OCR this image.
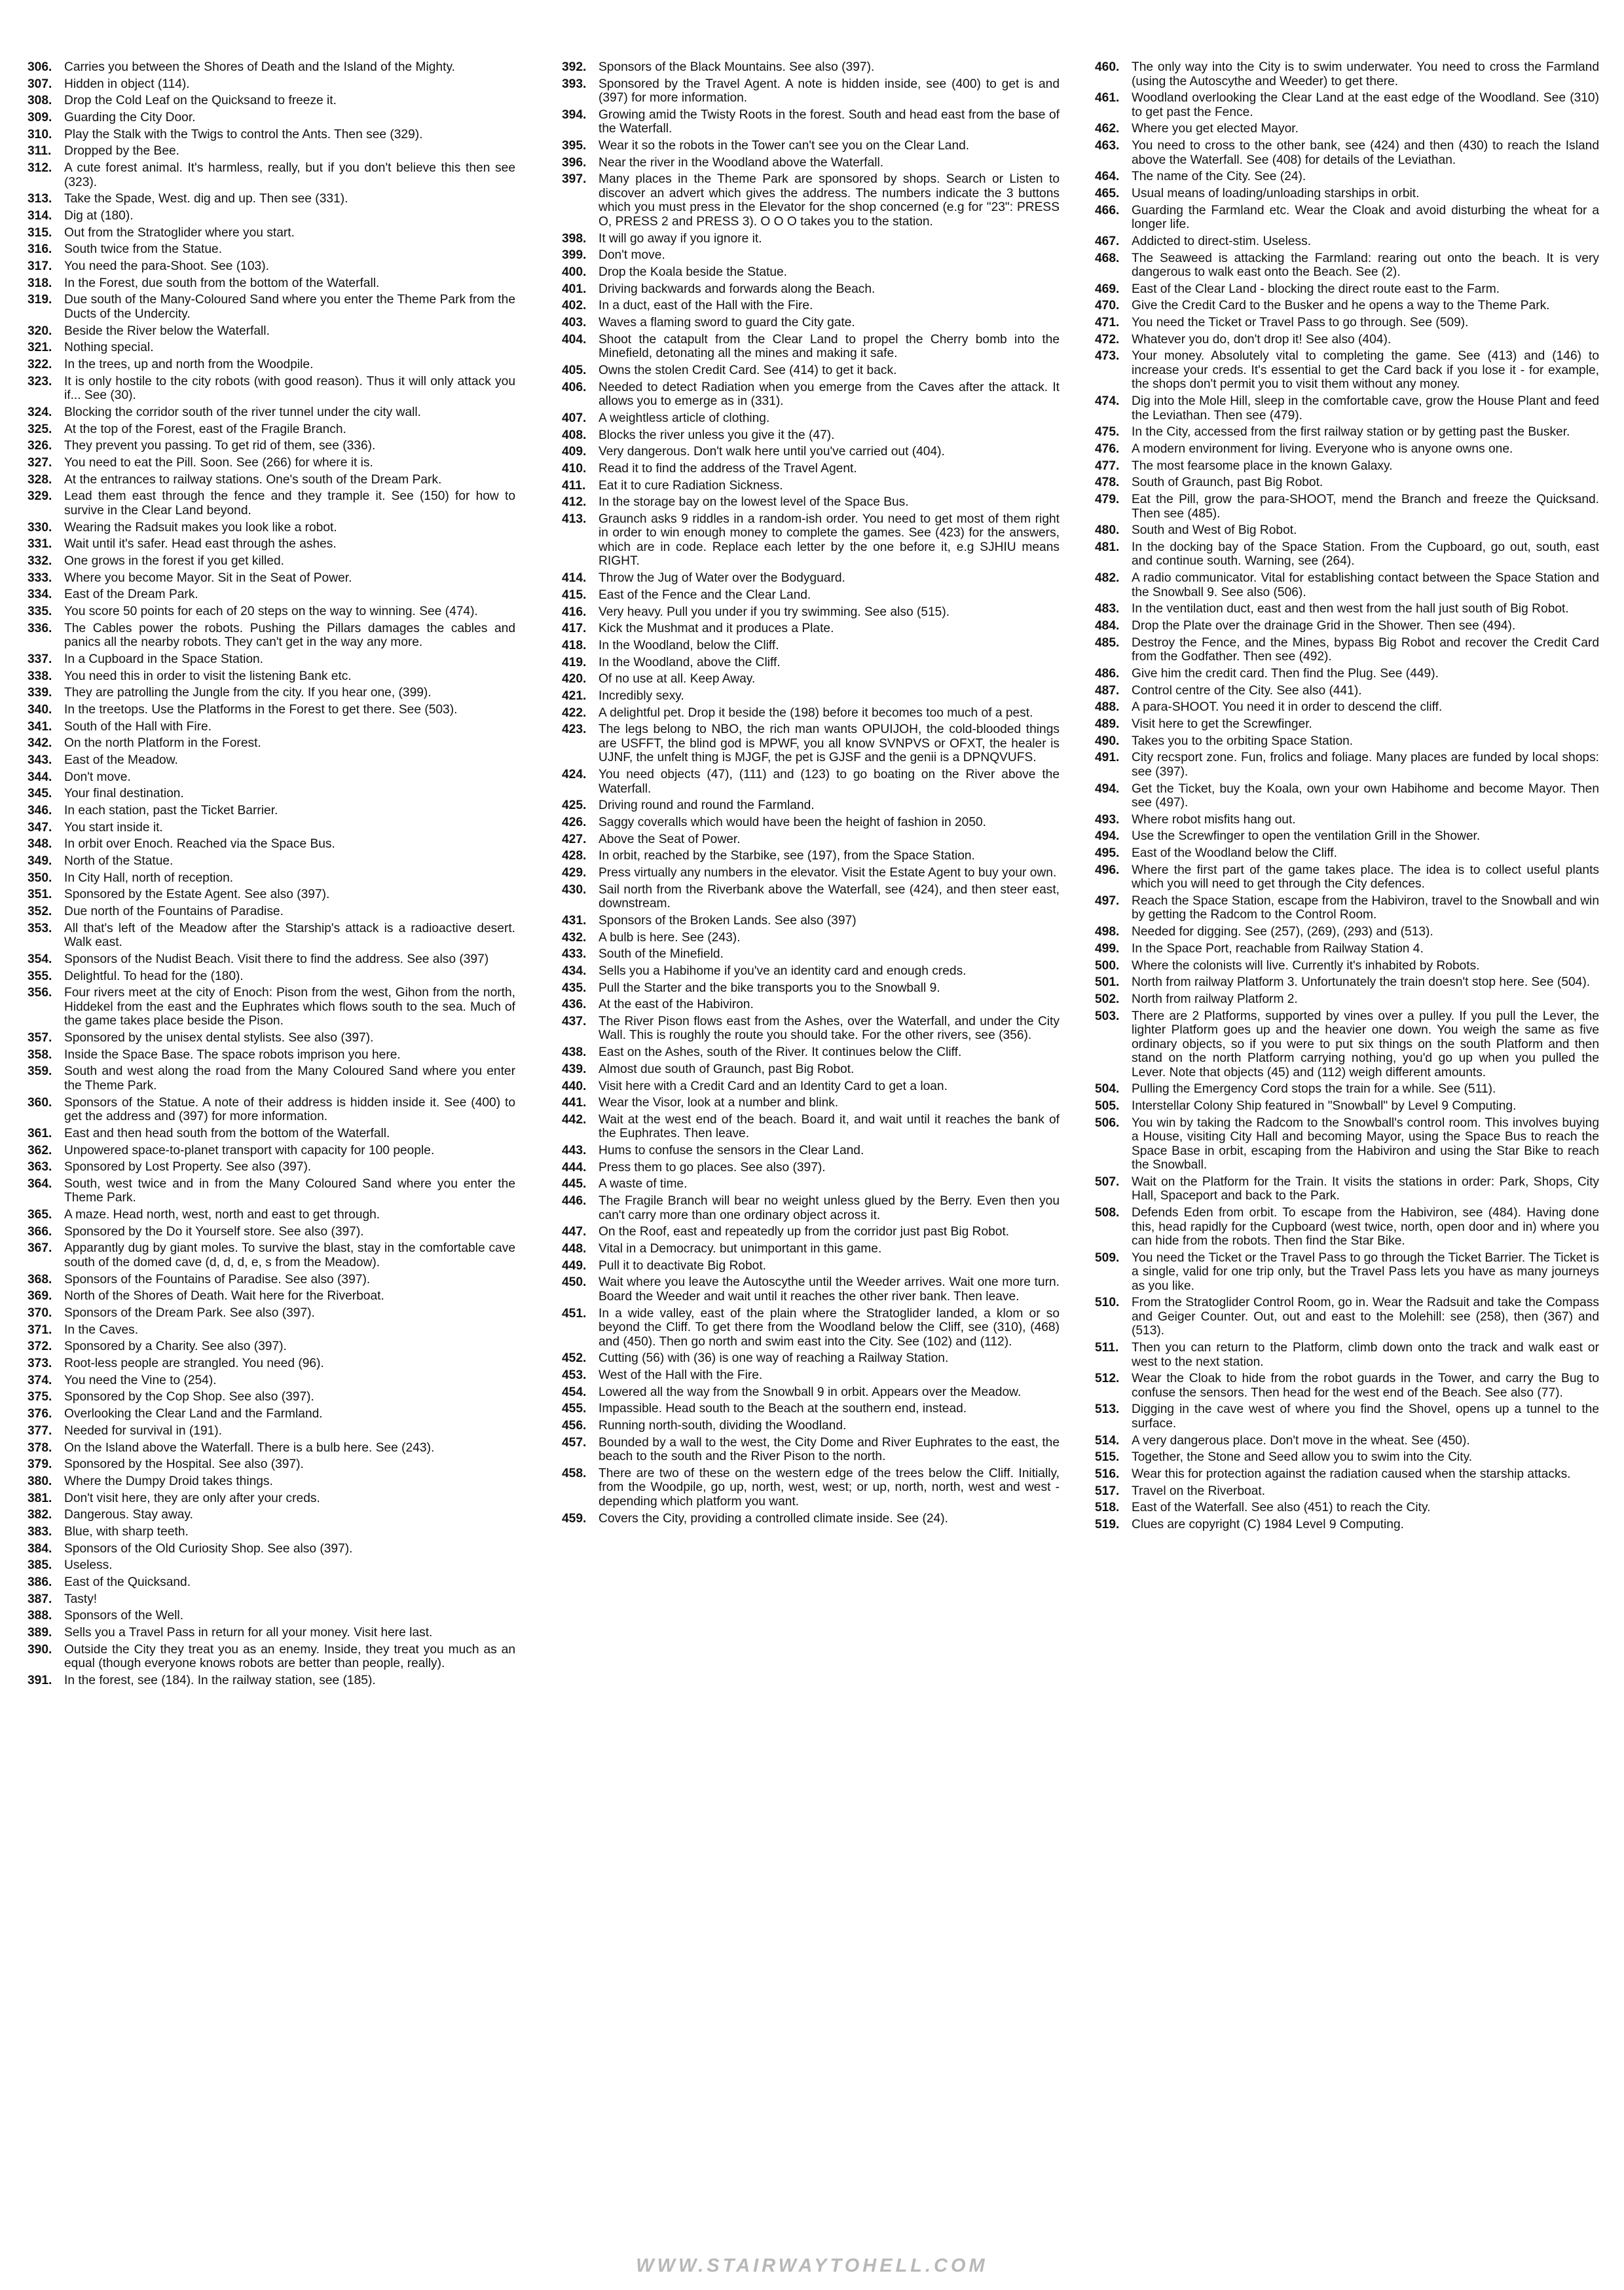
306. Carries you between the Shores of Death and the Island of the Mighty.
307. Hidden in object (114).
308. Drop the Cold Leaf on the Quicksand to freeze it.
309. Guarding the City Door.
310. Play the Stalk with the Twigs to control the Ants. Then see (329).
311.	Dropped by the Bee.
312. A cute forest animal. It's harmless, really, but if you don't believe this then see (323).
313. Take the Spade, West. dig and up. Then see (331).
314. Dig at (180).
315. Out from the Stratoglider where you start.
316. South twice from the Statue.
317. You need the para-Shoot. See (103).
318. In the Forest, due south from the bottom of the Waterfall.
319. Due south of the Many-Coloured Sand where you enter the Theme Park from the Ducts of the Undercity.
320. Beside the River below the Waterfall.
321. Nothing special.
322. In the trees, up and north from the Woodpile.
323. It is only hostile to the city robots (with good reason). Thus it will only attack you if... See (30).
324. Blocking the corridor south of the river tunnel under the city wall.
325. At the top of the Forest, east of the Fragile Branch.
326. They prevent you passing. To get rid of them, see (336).
327. You need to eat the Pill. Soon. See (266) for where it is.
328. At the entrances to railway stations. One's south of the Dream Park.
329. Lead them east through the fence and they trample it. See (150) for how to survive in the Clear Land beyond.
330. Wearing the Radsuit makes you look like a robot.
331. Wait until it's safer. Head east through the ashes.
332. One grows in the forest if you get killed.
333. Where you become Mayor. Sit in the Seat of Power.
334. East of the Dream Park.
335. You score 50 points for each of 20 steps on the way to winning. See (474).
336. The Cables power the robots. Pushing the Pillars damages the cables and panics all the nearby robots. They can't get in the way any more.
337. In a Cupboard in the Space Station.
338. You need this in order to visit the listening Bank etc.
339. They are patrolling the Jungle from the city. If you hear one, (399).
340. In the treetops. Use the Platforms in the Forest to get there. See (503).
341. South of the Hall with Fire.
342. On the north Platform in the Forest.
343. East of the Meadow.
344. Don't move.
345. Your final destination.
346. In each station, past the Ticket Barrier.
347. You start inside it.
348. In orbit over Enoch. Reached via the Space Bus.
349. North of the Statue.
350. In City Hall, north of reception.
351. Sponsored by the Estate Agent. See also (397).
352. Due north of the Fountains of Paradise.
353. All that's left of the Meadow after the Starship's attack is a radioactive desert. Walk east.
354. Sponsors of the Nudist Beach. Visit there to find the address. See also (397)
355. Delightful. To head for the (180).
356. Four rivers meet at the city of Enoch: Pison from the west, Gihon from the north, Hiddekel from the east and the Euphrates which flows south to the sea. Much of the game takes place beside the Pison.
357. Sponsored by the unisex dental stylists. See also (397).
358. Inside the Space Base. The space robots imprison you here.
359. South and west along the road from the Many Coloured Sand where you enter the Theme Park.
360. Sponsors of the Statue. A note of their address is hidden inside it. See (400) to get the address and (397) for more information.
361. East and then head south from the bottom of the Waterfall.
362. Unpowered space-to-planet transport with capacity for 100 people.
363. Sponsored by Lost Property. See also (397).
364. South, west twice and in from the Many Coloured Sand where you enter the Theme Park.
365. A maze. Head north, west, north and east to get through.
366. Sponsored by the Do it Yourself store. See also (397).
367. Apparantly dug by giant moles. To survive the blast, stay in the comfortable cave south of the domed cave (d, d, d, e, s from the Meadow).
368. Sponsors of the Fountains of Paradise. See also (397).
369. North of the Shores of Death. Wait here for the Riverboat.
370. Sponsors of the Dream Park. See also (397).
371. In the Caves.
372. Sponsored by a Charity. See also (397).
373. Root-less people are strangled. You need (96).
374. You need the Vine to (254).
375. Sponsored by the Cop Shop. See also (397).
376. Overlooking the Clear Land and the Farmland.
377. Needed for survival in (191).
378. On the Island above the Waterfall. There is a bulb here. See (243).
379. Sponsored by the Hospital. See also (397).
380. Where the Dumpy Droid takes things.
381. Don't visit here, they are only after your creds.
382. Dangerous. Stay away.
383. Blue, with sharp teeth.
384. Sponsors of the Old Curiosity Shop. See also (397).
385. Useless.
386. East of the Quicksand.
387. Tasty!
388. Sponsors of the Well.
389. Sells you a Travel Pass in return for all your money. Visit here last.
390. Outside the City they treat you as an enemy. Inside, they treat you much as an equal (though everyone knows robots are better than people, really).
391. In the forest, see (184). In the railway station, see (185).
392. Sponsors of the Black Mountains. See also (397).
393. Sponsored by the Travel Agent. A note is hidden inside, see (400) to get is and (397) for more information.
394. Growing amid the Twisty Roots in the forest. South and head east from the base of the Waterfall.
395. Wear it so the robots in the Tower can't see you on the Clear Land.
396. Near the river in the Woodland above the Waterfall.
397. Many places in the Theme Park are sponsored by shops. Search or Listen to discover an advert which gives the address. The numbers indicate the 3 buttons which you must press in the Elevator for the shop concerned (e.g for "23": PRESS O, PRESS 2 and PRESS 3). O O O takes you to the station.
398. It will go away if you ignore it.
399. Don't move.
400. Drop the Koala beside the Statue.
401. Driving backwards and forwards along the Beach.
402. In a duct, east of the Hall with the Fire.
403. Waves a flaming sword to guard the City gate.
404. Shoot the catapult from the Clear Land to propel the Cherry bomb into the Minefield, detonating all the mines and making it safe.
405. Owns the stolen Credit Card. See (414) to get it back.
406. Needed to detect Radiation when you emerge from the Caves after the attack. It allows you to emerge as in (331).
407. A weightless article of clothing.
408. Blocks the river unless you give it the (47).
409. Very dangerous. Don't walk here until you've carried out (404).
410. Read it to find the address of the Travel Agent.
411.	Eat it to cure Radiation Sickness.
412. In the storage bay on the lowest level of the Space Bus.
413. Graunch asks 9 riddles in a random-ish order. You need to get most of them right in order to win enough money to complete the games. See (423) for the answers, which are in code. Replace each letter by the one before it, e.g SJHIU means RIGHT.
414. Throw the Jug of Water over the Bodyguard.
415. East of the Fence and the Clear Land.
416. Very heavy. Pull you under if you try swimming. See also (515).
417. Kick the Mushmat and it produces a Plate.
418. In the Woodland, below the Cliff.
419. In the Woodland, above the Cliff.
420. Of no use at all. Keep Away.
421. Incredibly sexy.
422. A delightful pet. Drop it beside the (198) before it becomes too much of a pest.
423. The legs belong to NBO, the rich man wants OPUIJOH, the cold-blooded things are USFFT, the blind god is MPWF, you all know SVNPVS or OFXT, the healer is UJNF, the unfelt thing is MJGF, the pet is GJSF and the genii is a DPNQVUFS.
424. You need objects (47), (111) and (123) to go boating on the River above the Waterfall.
425. Driving round and round the Farmland.
426. Saggy coveralls which would have been the height of fashion in 2050.
427. Above the Seat of Power.
428. In orbit, reached by the Starbike, see (197), from the Space Station.
429. Press virtually any numbers in the elevator. Visit the Estate Agent to buy your own.
430. Sail north from the Riverbank above the Waterfall, see (424), and then steer east, downstream.
431. Sponsors of the Broken Lands. See also (397)
432. A bulb is here. See (243).
433. South of the Minefield.
434. Sells you a Habihome if you've an identity card and enough creds.
435. Pull the Starter and the bike transports you to the Snowball 9.
436. At the east of the Habiviron.
437. The River Pison flows east from the Ashes, over the Waterfall, and under the City Wall. This is roughly the route you should take. For the other rivers, see (356).
438. East on the Ashes, south of the River. It continues below the Cliff.
439. Almost due south of Graunch, past Big Robot.
440. Visit here with a Credit Card and an Identity Card to get a loan.
441. Wear the Visor, look at a number and blink.
442. Wait at the west end of the beach. Board it, and wait until it reaches the bank of the Euphrates. Then leave.
443. Hums to confuse the sensors in the Clear Land.
444. Press them to go places. See also (397).
445. A waste of time.
446. The Fragile Branch will bear no weight unless glued by the Berry. Even then you can't carry more than one ordinary object across it.
447. On the Roof, east and repeatedly up from the corridor just past Big Robot.
448. Vital in a Democracy. but unimportant in this game.
449. Pull it to deactivate Big Robot.
450. Wait where you leave the Autoscythe until the Weeder arrives. Wait one more turn. Board the Weeder and wait until it reaches the other river bank. Then leave.
451. In a wide valley, east of the plain where the Stratoglider landed, a klom or so beyond the Cliff. To get there from the Woodland below the Cliff, see (310), (468) and (450). Then go north and swim east into the City. See (102) and (112).
452. Cutting (56) with (36) is one way of reaching a Railway Station.
453. West of the Hall with the Fire.
454. Lowered all the way from the Snowball 9 in orbit. Appears over the Meadow.
455. Impassible. Head south to the Beach at the southern end, instead.
456. Running north-south, dividing the Woodland.
457. Bounded by a wall to the west, the City Dome and River Euphrates to the east, the beach to the south and the River Pison to the north.
458. There are two of these on the western edge of the trees below the Cliff. Initially, from the Woodpile, go up, north, west, west; or up, north, north, west and west - depending which platform you want.
459. Covers the City, providing a controlled climate inside. See (24).
460. The only way into the City is to swim underwater. You need to cross the Farmland (using the Autoscythe and Weeder) to get there.
461. Woodland overlooking the Clear Land at the east edge of the Woodland. See (310) to get past the Fence.
462. Where you get elected Mayor.
463. You need to cross to the other bank, see (424) and then (430) to reach the Island above the Waterfall. See (408) for details of the Leviathan.
464. The name of the City. See (24).
465. Usual means of loading/unloading starships in orbit.
466. Guarding the Farmland etc. Wear the Cloak and avoid disturbing the wheat for a longer life.
467. Addicted to direct-stim. Useless.
468. The Seaweed is attacking the Farmland: rearing out onto the beach. It is very dangerous to walk east onto the Beach. See (2).
469. East of the Clear Land - blocking the direct route east to the Farm.
470. Give the Credit Card to the Busker and he opens a way to the Theme Park.
471. You need the Ticket or Travel Pass to go through. See (509).
472. Whatever you do, don't drop it! See also (404).
473. Your money. Absolutely vital to completing the game. See (413) and (146) to increase your creds. It's essential to get the Card back if you lose it - for example, the shops don't permit you to visit them without any money.
474. Dig into the Mole Hill, sleep in the comfortable cave, grow the House Plant and feed the Leviathan. Then see (479).
475. In the City, accessed from the first railway station or by getting past the Busker.
476. A modern environment for living. Everyone who is anyone owns one.
477. The most fearsome place in the known Galaxy.
478. South of Graunch, past Big Robot.
479. Eat the Pill, grow the para-SHOOT, mend the Branch and freeze the Quicksand. Then see (485).
480. South and West of Big Robot.
481. In the docking bay of the Space Station. From the Cupboard, go out, south, east and continue south. Warning, see (264).
482. A radio communicator. Vital for establishing contact between the Space Station and the Snowball 9. See also (506).
483. In the ventilation duct, east and then west from the hall just south of Big Robot.
484. Drop the Plate over the drainage Grid in the Shower. Then see (494).
485. Destroy the Fence, and the Mines, bypass Big Robot and recover the Credit Card from the Godfather. Then see (492).
486. Give him the credit card. Then find the Plug. See (449).
487. Control centre of the City. See also (441).
488. A para-SHOOT. You need it in order to descend the cliff.
489. Visit here to get the Screwfinger.
490. Takes you to the orbiting Space Station.
491. City recsport zone. Fun, frolics and foliage. Many places are funded by local shops: see (397).
494. Get the Ticket, buy the Koala, own your own Habihome and become Mayor. Then see (497).
493. Where robot misfits hang out.
494. Use the Screwfinger to open the ventilation Grill in the Shower.
495. East of the Woodland below the Cliff.
496. Where the first part of the game takes place. The idea is to collect useful plants which you will need to get through the City defences.
497. Reach the Space Station, escape from the Habiviron, travel to the Snowball and win by getting the Radcom to the Control Room.
498. Needed for digging. See (257), (269), (293) and (513).
499. In the Space Port, reachable from Railway Station 4.
500. Where the colonists will live. Currently it's inhabited by Robots.
501. North from railway Platform 3. Unfortunately the train doesn't stop here. See (504).
502. North from railway Platform 2.
503. There are 2 Platforms, supported by vines over a pulley. If you pull the Lever, the lighter Platform goes up and the heavier one down. You weigh the same as five ordinary objects, so if you were to put six things on the south Platform and then stand on the north Platform carrying nothing, you'd go up when you pulled the Lever. Note that objects (45) and (112) weigh different amounts.
504. Pulling the Emergency Cord stops the train for a while. See (511).
505. Interstellar Colony Ship featured in "Snowball" by Level 9 Computing.
506. You win by taking the Radcom to the Snowball's control room. This involves buying a House, visiting City Hall and becoming Mayor, using the Space Bus to reach the Space Base in orbit, escaping from the Habiviron and using the Star Bike to reach the Snowball.
507. Wait on the Platform for the Train. It visits the stations in order: Park, Shops, City Hall, Spaceport and back to the Park.
508. Defends Eden from orbit. To escape from the Habiviron, see (484). Having done this, head rapidly for the Cupboard (west twice, north, open door and in) where you can hide from the robots. Then find the Star Bike.
509. You need the Ticket or the Travel Pass to go through the Ticket Barrier. The Ticket is a single, valid for one trip only, but the Travel Pass lets you have as many journeys as you like.
510. From the Stratoglider Control Room, go in. Wear the Radsuit and take the Compass and Geiger Counter. Out, out and east to the Molehill: see (258), then (367) and (513).
511.	Then you can return to the Platform, climb down onto the track and walk east or west to the next station.
512. Wear the Cloak to hide from the robot guards in the Tower, and carry the Bug to confuse the sensors. Then head for the west end of the Beach. See also (77).
513. Digging in the cave west of where you find the Shovel, opens up a tunnel to the surface.
514. A very dangerous place. Don't move in the wheat. See (450).
515. Together, the Stone and Seed allow you to swim into the City.
516. Wear this for protection against the radiation caused when the starship attacks.
517. Travel on the Riverboat.
518. East of the Waterfall. See also (451) to reach the City.
519. Clues are copyright (C) 1984 Level 9 Computing.
WWW.STAIRWAYTOHELL.COM
